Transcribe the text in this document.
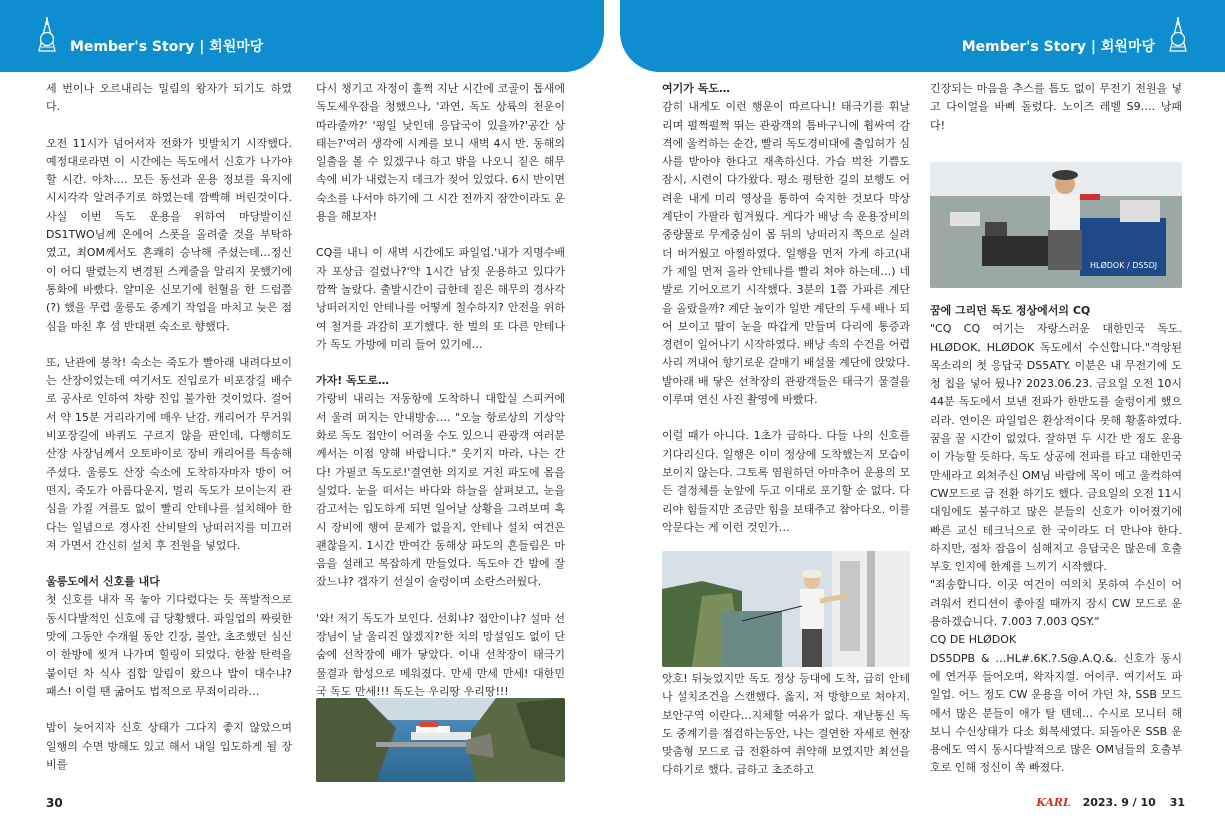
Member's Story | 회원마당	Member's Story | 회원마당

세 번이나 오르내리는 밀림의 왕자가 되기도 하였다.

오전 11시가 넘어서자 전화가 빗발치기 시작했다. 예정대로라면 이 시간에는 독도에서 신호가 나가야 할 시간. 아차…. 모든 동선과 운용 정보를 육지에 시시각각 알려주기로 하였는데 깜빡해 버린것이다. 사실 이번 독도 운용을 위하여 마당발이신 DS1TWO님께 온에어 스폿을 올려줄 것을 부탁하였고, 최OM께서도 흔쾌히 승낙해 주셨는데…정신이 어디 팔렸는지 변경된 스케줄을 알리지 못했기에 통화에 바빴다. 얄미운 신모기에 헌혈을 한 드럼쯤(?) 했을 무렵 울릉도 중계기 작업을 마치고 늦은 점심을 마친 후 섬 반대편 숙소로 향했다.

또, 난관에 봉착! 숙소는 죽도가 빨아래 내려다보이는 산장이었는데 여기서도 진입로가 비포장길 배수로 공사로 인하여 차량 진입 불가한 것이었다. 걸어서 약 15분 거리라기에 매우 난감. 캐리어가 무거워 비포장길에 바퀴도 구르지 않을 판인데, 다행히도 산장 사장님께서 오토바이로 장비 캐리어를 특송해 주셨다. 울릉도 산장 숙소에 도착하자마자 방이 어떤지, 죽도가 아름다운지, 멀리 독도가 보이는지 관심을 가질 겨를도 없이 빨리 안테나를 설치해야 한다는 일념으로 경사진 산비탈의 낭떠러지를 미끄러져 가면서 간신히 설치 후 전원을 넣었다.

울릉도에서 신호를 내다

첫 신호를 내자 목 놓아 기다렸다는 듯 폭발적으로 동시다발적인 신호에 급 당황했다. 파일업의 짜릿한 맛에 그동안 수개월 동안 긴장, 불안, 초조했던 심신이 한방에 씻겨 나가며 힐링이 되었다. 한참 탄력을 붙이던 차 식사 집합 알림이 왔으나 밥이 대수냐? 패스! 이럴 땐 굶어도 법적으로 무죄이리라…

밤이 늦어지자 신호 상태가 그다지 좋지 않았으며 일행의 수면 방해도 있고 해서 내일 입도하게 될 장비를

다시 챙기고 자정이 훌쩍 지난 시간에 코골이 톱새에 독도세우잠을 청했으나, '과연, 독도 상륙의 천운이 따라줄까?' '평일 낮인데 응답국이 있을까?'공간 상태는?'여러 생각에 시계를 보니 새벽 4시 반. 동해의 일출을 볼 수 있겠구나 하고 밖을 나오니 짙은 해무 속에 비가 내렸는지 데크가 젖어 있었다. 6시 반이면 숙소를 나서야 하기에 그 시간 전까지 잠깐이라도 운용을 해보자!

CQ를 내니 이 새벽 시간에도 파일업.'내가 지명수배자 포상금 걸렸나?'약 1시간 남짓 운용하고 있다가 깜짝 놀랐다. 출발시간이 급한데 짙은 해무의 경사각 낭떠러지인 안테나를 어떻게 철수하지? 안전을 위하여 철거를 과감히 포기했다. 한 벌의 또 다른 안테나가 독도 가방에 미리 들어 있기에…

가자! 독도로…

가랑비 내리는 저동항에 도착하니 대합실 스피커에서 울려 퍼지는 안내방송…. "오늘 항로상의 기상악화로 독도 접안이 어려울 수도 있으니 관광객 여러분께서는 이점 양해 바랍니다." 웃기지 마라, 나는 간다! 가필코 독도로!'결연한 의지로 거친 파도에 몸을 실었다. 눈을 떠서는 바다와 하늘을 살펴보고, 눈을 감고서는 입도하게 되면 일어날 상황을 그려보며 혹시 장비에 행여 문제가 없을지, 안테나 설치 여건은 괜찮을지. 1시간 반여간 동해상 파도의 흔들림은 마음을 설레고 복잡하게 만들었다. 독도야 간 밤에 잘 잤느냐? 갭자기 선실이 술렁이며 소란스러웠다.

'와! 저기 독도가 보인다. 선회냐? 접안이냐? 설마 선장님이 날 울리진 않겠지?'한 치의 망설임도 없이 단숨에 선착장에 배가 닿았다. 이내 선착장이 태극기 물결과 함성으로 메워졌다. 만세 만세 만세! 대한민국 독도 만세!!! 독도는 우리땅 우리땅!!!

여기가 독도…

감히 내게도 이런 행운이 따르다니! 태극기를 휘날리며 펄쩍펄쩍 뛰는 관광객의 틈바구니에 휩싸여 감격에 울컥하는 순간, 빨리 독도경비대에 출입허가 심사를 받아야 한다고 재촉하신다. 가슴 벅찬 기쁨도 잠시, 시련이 다가왔다. 평소 평탄한 길의 보행도 어려운 내게 미리 영상을 통하여 숙지한 것보다 막상 계단이 가팔라 힘겨웠다. 게다가 배낭 속 운용장비의 중량물로 무게중심이 몸 뒤의 낭떠러지 쪽으로 실려 더 버거웠고 아찔하였다. 일행을 먼저 가게 하고(내가 제일 먼저 올라 안테나를 빨리 쳐야 하는데…) 네 발로 기어오르기 시작했다. 3분의 1쯤 가파른 계단을 올랐을까? 계단 높이가 일반 계단의 두세 배나 되어 보이고 땀이 눈을 따갑게 만들며 다리에 통증과 경련이 일어나기 시작하였다. 배낭 속의 수건을 어렵사리 꺼내어 향기로운 갈매기 배설물 계단에 앉았다. 발아래 배 닿은 선착장의 관광객들은 태극기 물결을 이루며 연신 사진 촬영에 바빴다.

이럴 때가 아니다. 1초가 급하다. 다들 나의 신호를 기다리신다. 일행은 이미 정상에 도착했는지 모습이 보이지 않는다. 그토록 염원하던 아마추어 운용의 모든 결정체를 눈앞에 두고 이대로 포기할 순 없다. 다리야 힘들지만 조금만 힘을 보태주고 참아다오. 이를 악문다는 게 이런 것인가…

앗호! 뒤늦었지만 독도 정상 등대에 도착, 급히 안테나 설치조건을 스캔했다. 옳지, 저 방향으로 쳐야지. 보안구역 이란다…지체할 여유가 없다. 재난통신 독도 중계기를 점검하는동안, 나는 결연한 자세로 현장 맞춤형 모드로 급 전환하여 취약해 보였지만 최선을 다하기로 했다. 급하고 초조하고

긴장되는 마음을 추스를 틈도 없이 무전기 전원을 넣고 다이얼을 바삐 돌렸다. 노이즈 레벨 S9…. 낭패다!

HLØDOK / DS5DJ
꿈에 그리던 독도 정상에서의 CQ

"CQ CQ 여기는 자랑스러운 대한민국 독도. HLØDOK, HLØDOK 독도에서 수신합니다."격앙된 목소리의 첫 응답국 DS5ATY. 이분은 내 무전기에 도청 칩을 넣어 뒀나? 2023.06.23. 금요일 오전 10시 44분 독도에서 보낸 전파가 한반도를 술렁이게 했으리라. 연이은 파일업은 환상적이다 못해 황홀하였다. 꿈을 꿀 시간이 없었다. 잘하면 두 시간 반 정도 운용이 가능할 듯하다. 독도 상공에 전파를 타고 대한민국 만세라고 외쳐주신 OM님 바람에 목이 메고 울컥하여 CW모드로 급 전환 하기도 했다. 금요일의 오전 11시대임에도 불구하고 많은 분들의 신호가 이어졌기에 빠른 교신 테크닉으로 한 국이라도 더 만나야 한다. 하지만, 점차 잡음이 심해지고 응답국은 많은데 호출부호 인지에 한계를 느끼기 시작했다.

"죄송합니다. 이곳 여건이 여의치 못하여 수신이 어려워서 컨디션이 좋아질 때까지 잠시 CW 모드로 운용하겠습니다. 7.003 7.003 QSY."

CQ DE HLØDOK

DS5DPB & …HL#.6K.?.S@.A.Q.&. 신호가 동시에 연거푸 들어오며, 왁자지껄. 어이쿠. 여기서도 파일업. 어느 정도 CW 운용을 이어 가던 차, SSB 모드에서 많은 분들이 애가 탈 텐데… 수시로 모니터 해 보니 수신상태가 다소 회복세였다. 되돌아온 SSB 운용에도 역시 동시다발적으로 많은 OM님들의 호출부호로 인해 정신이 쏙 빠졌다.

30	KARL 2023. 9 / 10 31
